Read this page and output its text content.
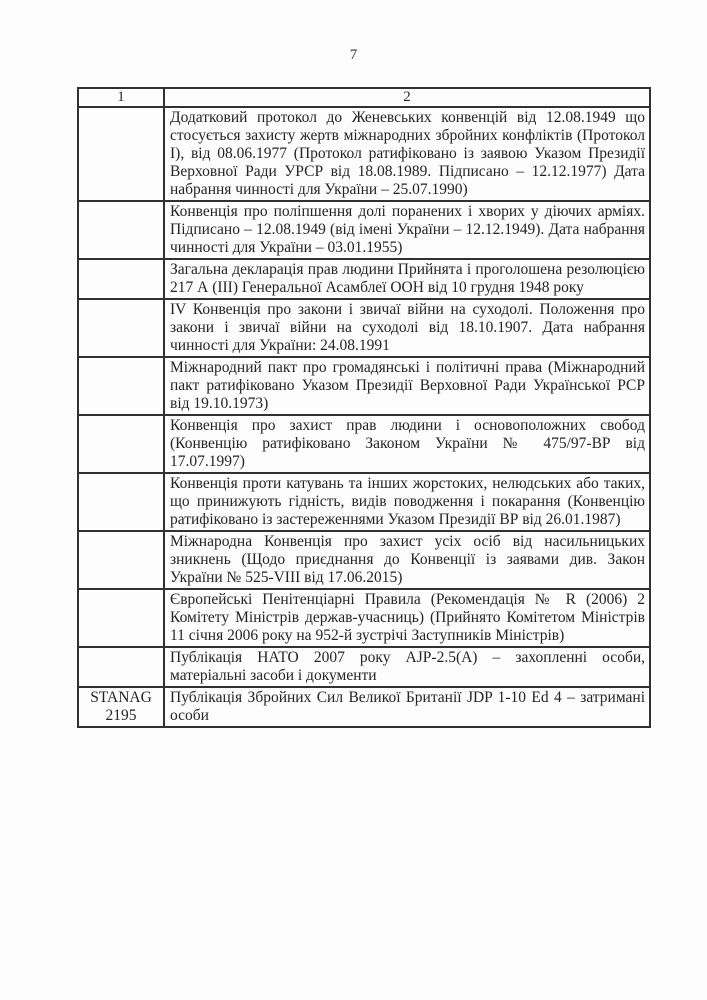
7
1	2
	Додатковий протокол до Женевських конвенцій від 12.08.1949 що стосується захисту жертв міжнародних збройних конфліктів (Протокол I), від 08.06.1977 (Протокол ратифіковано із заявою Указом Президії Верховної Ради УРСР від 18.08.1989. Підписано – 12.12.1977) Дата набрання чинності для України – 25.07.1990)
	Конвенція про поліпшення долі поранених і хворих у діючих арміях. Підписано – 12.08.1949 (від імені України – 12.12.1949). Дата набрання чинності для України – 03.01.1955)
	Загальна декларація прав людини Прийнята і проголошена резолюцією 217 А (III) Генеральної Асамблеї ООН від 10 грудня 1948 року
	IV Конвенція про закони і звичаї війни на суходолі. Положення про закони і звичаї війни на суходолі від 18.10.1907. Дата набрання чинності для України: 24.08.1991
	Міжнародний пакт про громадянські і політичні права (Міжнародний пакт ратифіковано Указом Президії Верховної Ради Української РСР від 19.10.1973)
	Конвенція про захист прав людини і основоположних свобод (Конвенцію ратифіковано Законом України № 475/97-ВР від 17.07.1997)
	Конвенція проти катувань та інших жорстоких, нелюдських або таких, що принижують гідність, видів поводження і покарання (Конвенцію ратифіковано із застереженнями Указом Президії ВР від 26.01.1987)
	Міжнародна Конвенція про захист усіх осіб від насильницьких зникнень (Щодо приєднання до Конвенції із заявами див. Закон України № 525-VIII від 17.06.2015)
	Європейські Пенітенціарні Правила (Рекомендація № R (2006) 2 Комітету Міністрів держав-учасниць) (Прийнято Комітетом Міністрів 11 січня 2006 року на 952-й зустрічі Заступників Міністрів)
	Публікація НАТО 2007 року AJP-2.5(A) – захопленні особи, матеріальні засоби і документи
STANAG 2195	Публікація Збройних Сил Великої Британії JDP 1-10 Ed 4 – затримані особи
